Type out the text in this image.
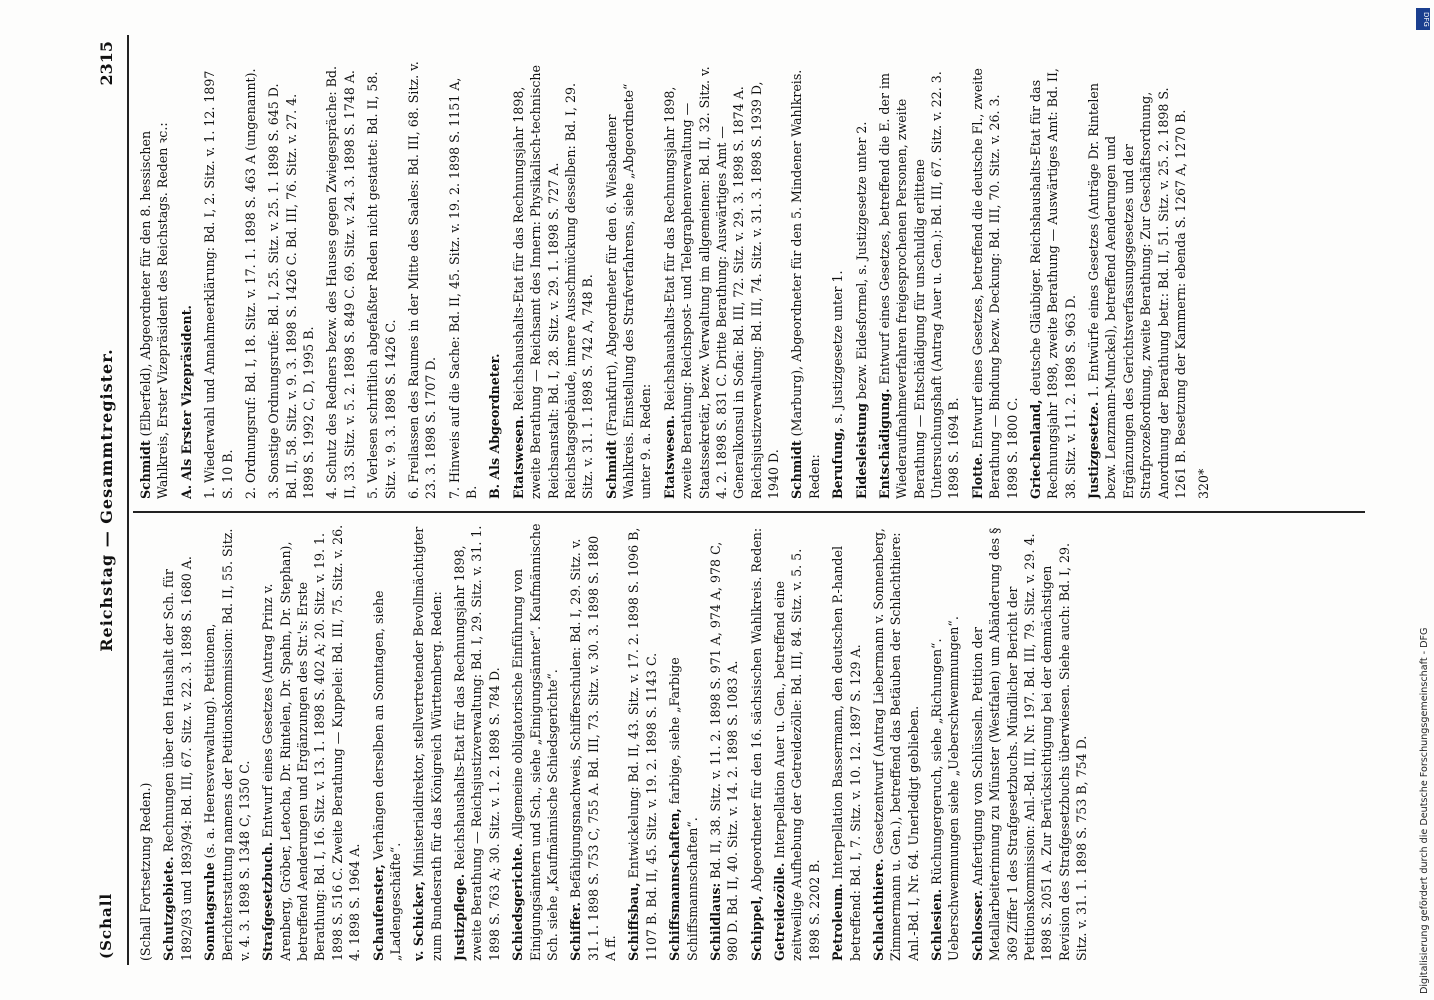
(Schall
Reichstag — Gesammtregister.
2315
(Schall Fortsetzung Reden.) Schutzgebiete. Rechnungen über den Haushalt der Sch. für 1892/93 und 1893/94: Bd. III, 67. Sitz. v. 22. 3. 1898 S. 1680 A. Sonntagsruhe (s. a. Heeresverwaltung). Petitionen, Berichterstattung namens der Petitionskommission: Bd. II, 55. Sitz. v. 4. 3. 1898 S. 1348 C, 1350 C. Strafgesetzbuch. Entwurf eines Gesetzes (Antrag Prinz v. Arenberg, Gröber, Letocha, Dr. Rintelen, Dr. Spahn, Dr. Stephan), betreffend Aenderungen und Ergänzungen des Str.'s: Erste Berathung: Bd. I, 16. Sitz. v. 13. 1. 1898 S. 402 A; 20. Sitz. v. 19. 1. 1898 S. 516 C. Zweite Berathung — Kuppelei: Bd. III, 75. Sitz. v. 26. 4. 1898 S. 1964 A. Schaufenster, Verhängen derselben an Sonntagen, siehe „Ladengeschäfte“. v. Schicker, Ministerialdirektor, stellvertretender Bevollmächtigter zum Bundesrath für das Königreich Württemberg. Reden: Justizpflege. Reichshaushalts-Etat für das Rechnungsjahr 1898, zweite Berathung — Reichsjustizverwaltung: Bd. I, 29. Sitz. v. 31. 1. 1898 S. 763 A; 30. Sitz. v. 1. 2. 1898 S. 784 D. Schiedsgerichte. Allgemeine obligatorische Einführung von Einigungsämtern und Sch., siehe „Einigungsämter“. Kaufmännische Sch. siehe „Kaufmännische Schiedsgerichte“. Schiffer. Befähigungsnachweis, Schifferschulen: Bd. I, 29. Sitz. v. 31. 1. 1898 S. 753 C, 755 A. Bd. III, 73. Sitz. v. 30. 3. 1898 S. 1880 A ff. Schiffsbau, Entwickelung: Bd. II, 43. Sitz. v. 17. 2. 1898 S. 1096 B, 1107 B. Bd. II, 45. Sitz. v. 19. 2. 1898 S. 1143 C. Schiffsmannschaften, farbige, siehe „Farbige Schiffsmannschaften“. Schildlaus: Bd. II, 38. Sitz. v. 11. 2. 1898 S. 971 A, 974 A, 978 C, 980 D. Bd. II, 40. Sitz. v. 14. 2. 1898 S. 1083 A. Schippel, Abgeordneter für den 16. sächsischen Wahlkreis. Reden:
Getreidezölle. Interpellation Auer u. Gen., betreffend eine zeitweilige Aufhebung der Getreidezölle: Bd. III, 84. Sitz. v. 5. 5. 1898 S. 2202 B. Petroleum. Interpellation Bassermann, den deutschen P.-handel betreffend: Bd. I, 7. Sitz. v. 10. 12. 1897 S. 129 A. Schlachthiere. Gesetzentwurf (Antrag Liebermann v. Sonnenberg, Zimmermann u. Gen.), betreffend das Betäuben der Schlachthiere: Anl.-Bd. I, Nr. 64. Unerledigt geblieben. Schlesien. Rüchungergeruch, siehe „Richungen“. Ueberschwemmungen siehe „Ueberschwemmungen“. Schlosser. Anfertigung von Schlüsseln. Petition der Metallarbeiterinnung zu Münster (Westfalen) um Abänderung des § 369 Ziffer 1 des Strafgesetzbuchs. Mündlicher Bericht der Petitionskommission: Anl.-Bd. III, Nr. 197. Bd. III, 79. Sitz. v. 29. 4. 1898 S. 2051 A. Zur Berücksichtigung bei der demnächstigen Revision des Strafgesetzbuchs überwiesen. Siehe auch: Bd. I, 29. Sitz. v. 31. 1. 1898 S. 753 B, 754 D.
Schmidt (Elberfeld), Abgeordneter für den 8. hessischen Wahlkreis, Erster Vizepräsident des Reichstags. Reden ꝛc.: A. Als Erster Vizepräsident. 1. Wiederwahl und Annahmeerklärung: Bd. I, 2. Sitz. v. 1. 12. 1897 S. 10 B. 2. Ordnungsruf: Bd. I, 18. Sitz. v. 17. 1. 1898 S. 463 A (ungenannt). 3. Sonstige Ordnungsrufe: Bd. I, 25. Sitz. v. 25. 1. 1898 S. 645 D. Bd. II, 58. Sitz. v. 9. 3. 1898 S. 1426 C. Bd. III, 76. Sitz. v. 27. 4. 1898 S. 1992 C, D, 1995 B. 4. Schutz des Redners bezw. des Hauses gegen Zwiegespräche: Bd. II, 33. Sitz. v. 5. 2. 1898 S. 849 C. 69. Sitz. v. 24. 3. 1898 S. 1748 A. 5. Verlesen schriftlich abgefaßter Reden nicht gestattet: Bd. II, 58. Sitz. v. 9. 3. 1898 S. 1426 C. 6. Freilassen des Raumes in der Mitte des Saales: Bd. III, 68. Sitz. v. 23. 3. 1898 S. 1707 D. 7. Hinweis auf die Sache: Bd. II, 45. Sitz. v. 19. 2. 1898 S. 1151 A, B. B. Als Abgeordneter. Etatswesen. Reichshaushalts-Etat für das Rechnungsjahr 1898, zweite Berathung — Reichsamt des Innern: Physikalisch-technische Reichsanstalt: Bd. I, 28. Sitz. v. 29. 1. 1898 S. 727 A. Reichstagsgebäude, innere Ausschmückung desselben: Bd. I, 29. Sitz. v. 31. 1. 1898 S. 742 A, 748 B. Schmidt (Frankfurt), Abgeordneter für den 6. Wiesbadener Wahlkreis. Einstellung des Strafverfahrens, siehe „Abgeordnete“ unter 9. a. Reden: Etatswesen. Reichshaushalts-Etat für das Rechnungsjahr 1898, zweite Berathung: Reichspost- und Telegraphenverwaltung — Staatssekretär, bezw. Verwaltung im allgemeinen: Bd. II, 32. Sitz. v. 4. 2. 1898 S. 831 C. Dritte Berathung: Auswärtiges Amt — Generalkonsul in Sofia: Bd. III, 72. Sitz. v. 29. 3. 1898 S. 1874 A. Reichsjustizverwaltung: Bd. III, 74. Sitz. v. 31. 3. 1898 S. 1939 D, 1940 D. Schmidt (Marburg), Abgeordneter für den 5. Mindener Wahlkreis. Reden: Berufung, s. Justizgesetze unter 1.
Eidesleistung bezw. Eidesformel, s. Justizgesetze unter 2.
Entschädigung. Entwurf eines Gesetzes, betreffend die E. der im Wiederaufnahmeverfahren freigesprochenen Personen, zweite Berathung — Entschädigung für unschuldig erlittene Untersuchungshaft (Antrag Auer u. Gen.): Bd. III, 67. Sitz. v. 22. 3. 1898 S. 1694 B. Flotte. Entwurf eines Gesetzes, betreffend die deutsche Fl., zweite Berathung — Bindung bezw. Deckung: Bd. III, 70. Sitz. v. 26. 3. 1898 S. 1800 C. Griechenland, deutsche Gläubiger. Reichshaushalts-Etat für das Rechnungsjahr 1898, zweite Berathung — Auswärtiges Amt: Bd. II, 38. Sitz. v. 11. 2. 1898 S. 963 D. Justizgesetze. 1. Entwürfe eines Gesetzes (Anträge Dr. Rintelen bezw. Lenzmann-Munckel), betreffend Aenderungen und Ergänzungen des Gerichtsverfassungsgesetzes und der Strafprozeßordnung, zweite Berathung: Zur Geschäftsordnung, Anordnung der Berathung betr.: Bd. II, 51. Sitz. v. 25. 2. 1898 S. 1261 B. Besetzung der Kammern: ebenda S. 1267 A, 1270 B. 320*
Digitalisierung gefördert durch die Deutsche Forschungsgemeinschaft - DFG
DFG
